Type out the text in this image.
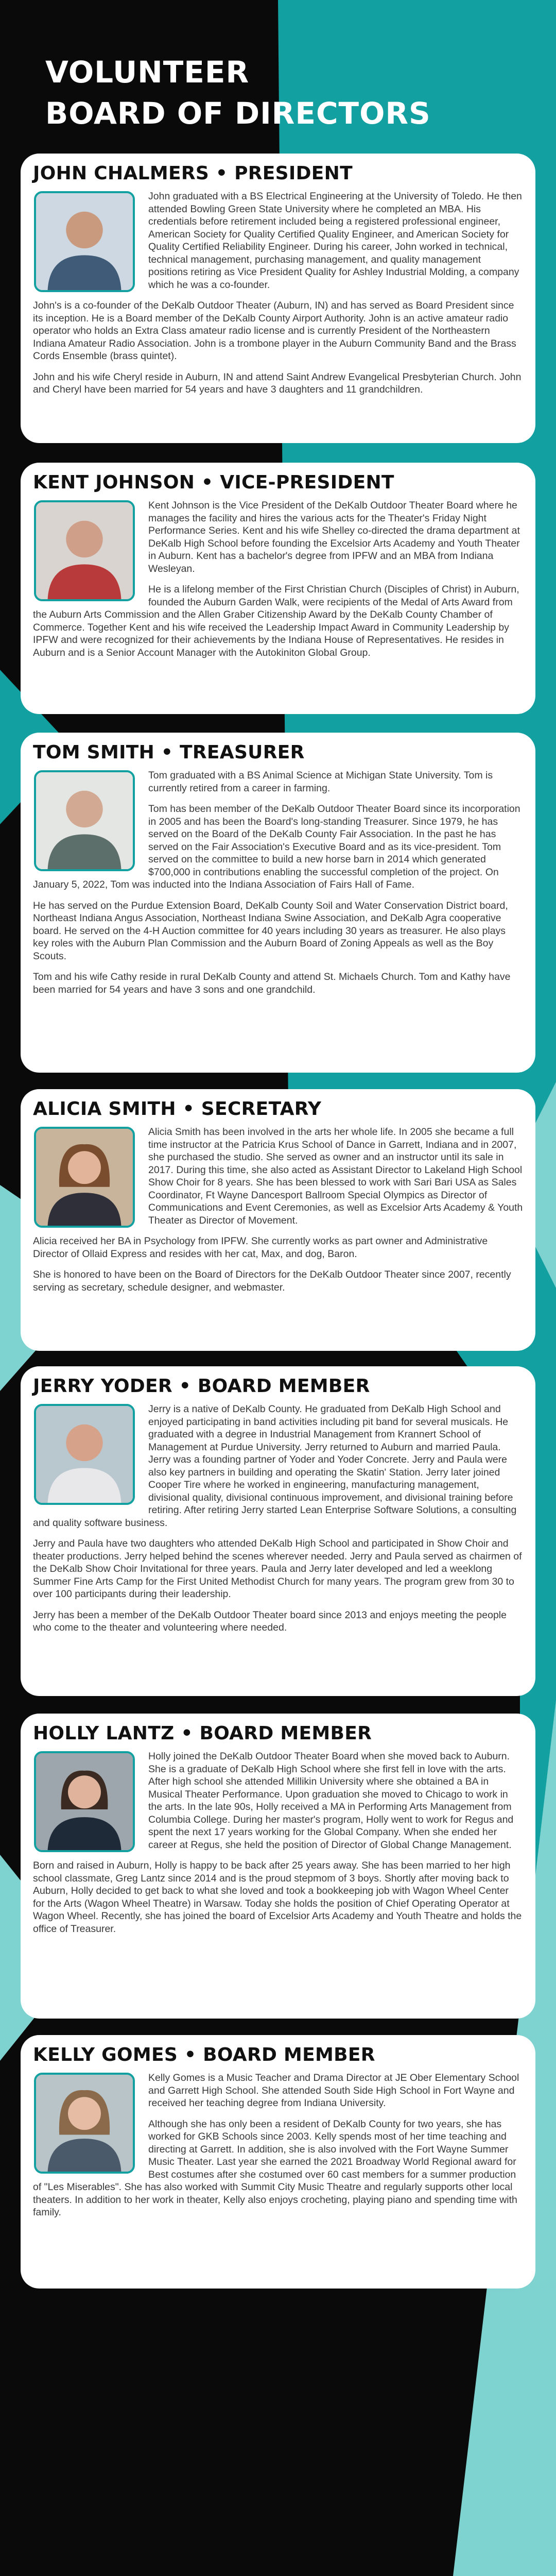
VOLUNTEER
BOARD OF DIRECTORS
JOHN CHALMERS • PRESIDENT

John graduated with a BS Electrical Engineering at the University of Toledo. He then attended Bowling Green State University where he completed an MBA. His credentials before retirement included being a registered professional engineer, American Society for Quality Certified Quality Engineer, and American Society for Quality Certified Reliability Engineer. During his career, John worked in technical, technical management, purchasing management, and quality management positions retiring as Vice President Quality for Ashley Industrial Molding, a company which he was a co-founder.

John's is a co-founder of the DeKalb Outdoor Theater (Auburn, IN) and has served as Board President since its inception. He is a Board member of the DeKalb County Airport Authority. John is an active amateur radio operator who holds an Extra Class amateur radio license and is currently President of the Northeastern Indiana Amateur Radio Association. John is a trombone player in the Auburn Community Band and the Brass Cords Ensemble (brass quintet).

John and his wife Cheryl reside in Auburn, IN and attend Saint Andrew Evangelical Presbyterian Church. John and Cheryl have been married for 54 years and have 3 daughters and 11 grandchildren.

KENT JOHNSON • VICE-PRESIDENT

Kent Johnson is the Vice President of the DeKalb Outdoor Theater Board where he manages the facility and hires the various acts for the Theater's Friday Night Performance Series. Kent and his wife Shelley co-directed the drama department at DeKalb High School before founding the Excelsior Arts Academy and Youth Theater in Auburn. Kent has a bachelor's degree from IPFW and an MBA from Indiana Wesleyan.

He is a lifelong member of the First Christian Church (Disciples of Christ) in Auburn, founded the Auburn Garden Walk, were recipients of the Medal of Arts Award from the Auburn Arts Commission and the Allen Graber Citizenship Award by the DeKalb County Chamber of Commerce. Together Kent and his wife received the Leadership Impact Award in Community Leadership by IPFW and were recognized for their achievements by the Indiana House of Representatives. He resides in Auburn and is a Senior Account Manager with the Autokiniton Global Group.

TOM SMITH • TREASURER

Tom graduated with a BS Animal Science at Michigan State University. Tom is currently retired from a career in farming.

Tom has been member of the DeKalb Outdoor Theater Board since its incorporation in 2005 and has been the Board's long-standing Treasurer. Since 1979, he has served on the Board of the DeKalb County Fair Association. In the past he has served on the Fair Association's Executive Board and as its vice-president. Tom served on the committee to build a new horse barn in 2014 which generated $700,000 in contributions enabling the successful completion of the project. On January 5, 2022, Tom was inducted into the Indiana Association of Fairs Hall of Fame.

He has served on the Purdue Extension Board, DeKalb County Soil and Water Conservation District board, Northeast Indiana Angus Association, Northeast Indiana Swine Association, and DeKalb Agra cooperative board. He served on the 4-H Auction committee for 40 years including 30 years as treasurer. He also plays key roles with the Auburn Plan Commission and the Auburn Board of Zoning Appeals as well as the Boy Scouts.

Tom and his wife Cathy reside in rural DeKalb County and attend St. Michaels Church. Tom and Kathy have been married for 54 years and have 3 sons and one grandchild.

ALICIA SMITH • SECRETARY

Alicia Smith has been involved in the arts her whole life. In 2005 she became a full time instructor at the Patricia Krus School of Dance in Garrett, Indiana and in 2007, she purchased the studio. She served as owner and an instructor until its sale in 2017. During this time, she also acted as Assistant Director to Lakeland High School Show Choir for 8 years. She has been blessed to work with Sari Bari USA as Sales Coordinator, Ft Wayne Dancesport Ballroom Special Olympics as Director of Communications and Event Ceremonies, as well as Excelsior Arts Academy & Youth Theater as Director of Movement.

Alicia received her BA in Psychology from IPFW. She currently works as part owner and Administrative Director of Ollaid Express and resides with her cat, Max, and dog, Baron.

She is honored to have been on the Board of Directors for the DeKalb Outdoor Theater since 2007, recently serving as secretary, schedule designer, and webmaster.

JERRY YODER • BOARD MEMBER

Jerry is a native of DeKalb County. He graduated from DeKalb High School and enjoyed participating in band activities including pit band for several musicals. He graduated with a degree in Industrial Management from Krannert School of Management at Purdue University. Jerry returned to Auburn and married Paula. Jerry was a founding partner of Yoder and Yoder Concrete. Jerry and Paula were also key partners in building and operating the Skatin' Station. Jerry later joined Cooper Tire where he worked in engineering, manufacturing management, divisional quality, divisional continuous improvement, and divisional training before retiring. After retiring Jerry started Lean Enterprise Software Solutions, a consulting and quality software business.

Jerry and Paula have two daughters who attended DeKalb High School and participated in Show Choir and theater productions. Jerry helped behind the scenes wherever needed. Jerry and Paula served as chairmen of the DeKalb Show Choir Invitational for three years. Paula and Jerry later developed and led a weeklong Summer Fine Arts Camp for the First United Methodist Church for many years. The program grew from 30 to over 100 participants during their leadership.

Jerry has been a member of the DeKalb Outdoor Theater board since 2013 and enjoys meeting the people who come to the theater and volunteering where needed.

HOLLY LANTZ • BOARD MEMBER

Holly joined the DeKalb Outdoor Theater Board when she moved back to Auburn. She is a graduate of DeKalb High School where she first fell in love with the arts. After high school she attended Millikin University where she obtained a BA in Musical Theater Performance. Upon graduation she moved to Chicago to work in the arts. In the late 90s, Holly received a MA in Performing Arts Management from Columbia College. During her master's program, Holly went to work for Regus and spent the next 17 years working for the Global Company. When she ended her career at Regus, she held the position of Director of Global Change Management.

Born and raised in Auburn, Holly is happy to be back after 25 years away. She has been married to her high school classmate, Greg Lantz since 2014 and is the proud stepmom of 3 boys. Shortly after moving back to Auburn, Holly decided to get back to what she loved and took a bookkeeping job with Wagon Wheel Center for the Arts (Wagon Wheel Theatre) in Warsaw. Today she holds the position of Chief Operating Operator at Wagon Wheel. Recently, she has joined the board of Excelsior Arts Academy and Youth Theatre and holds the office of Treasurer.

KELLY GOMES • BOARD MEMBER

Kelly Gomes is a Music Teacher and Drama Director at JE Ober Elementary School and Garrett High School. She attended South Side High School in Fort Wayne and received her teaching degree from Indiana University.

Although she has only been a resident of DeKalb County for two years, she has worked for GKB Schools since 2003. Kelly spends most of her time teaching and directing at Garrett. In addition, she is also involved with the Fort Wayne Summer Music Theater. Last year she earned the 2021 Broadway World Regional award for Best costumes after she costumed over 60 cast members for a summer production of "Les Miserables". She has also worked with Summit City Music Theatre and regularly supports other local theaters. In addition to her work in theater, Kelly also enjoys crocheting, playing piano and spending time with family.
